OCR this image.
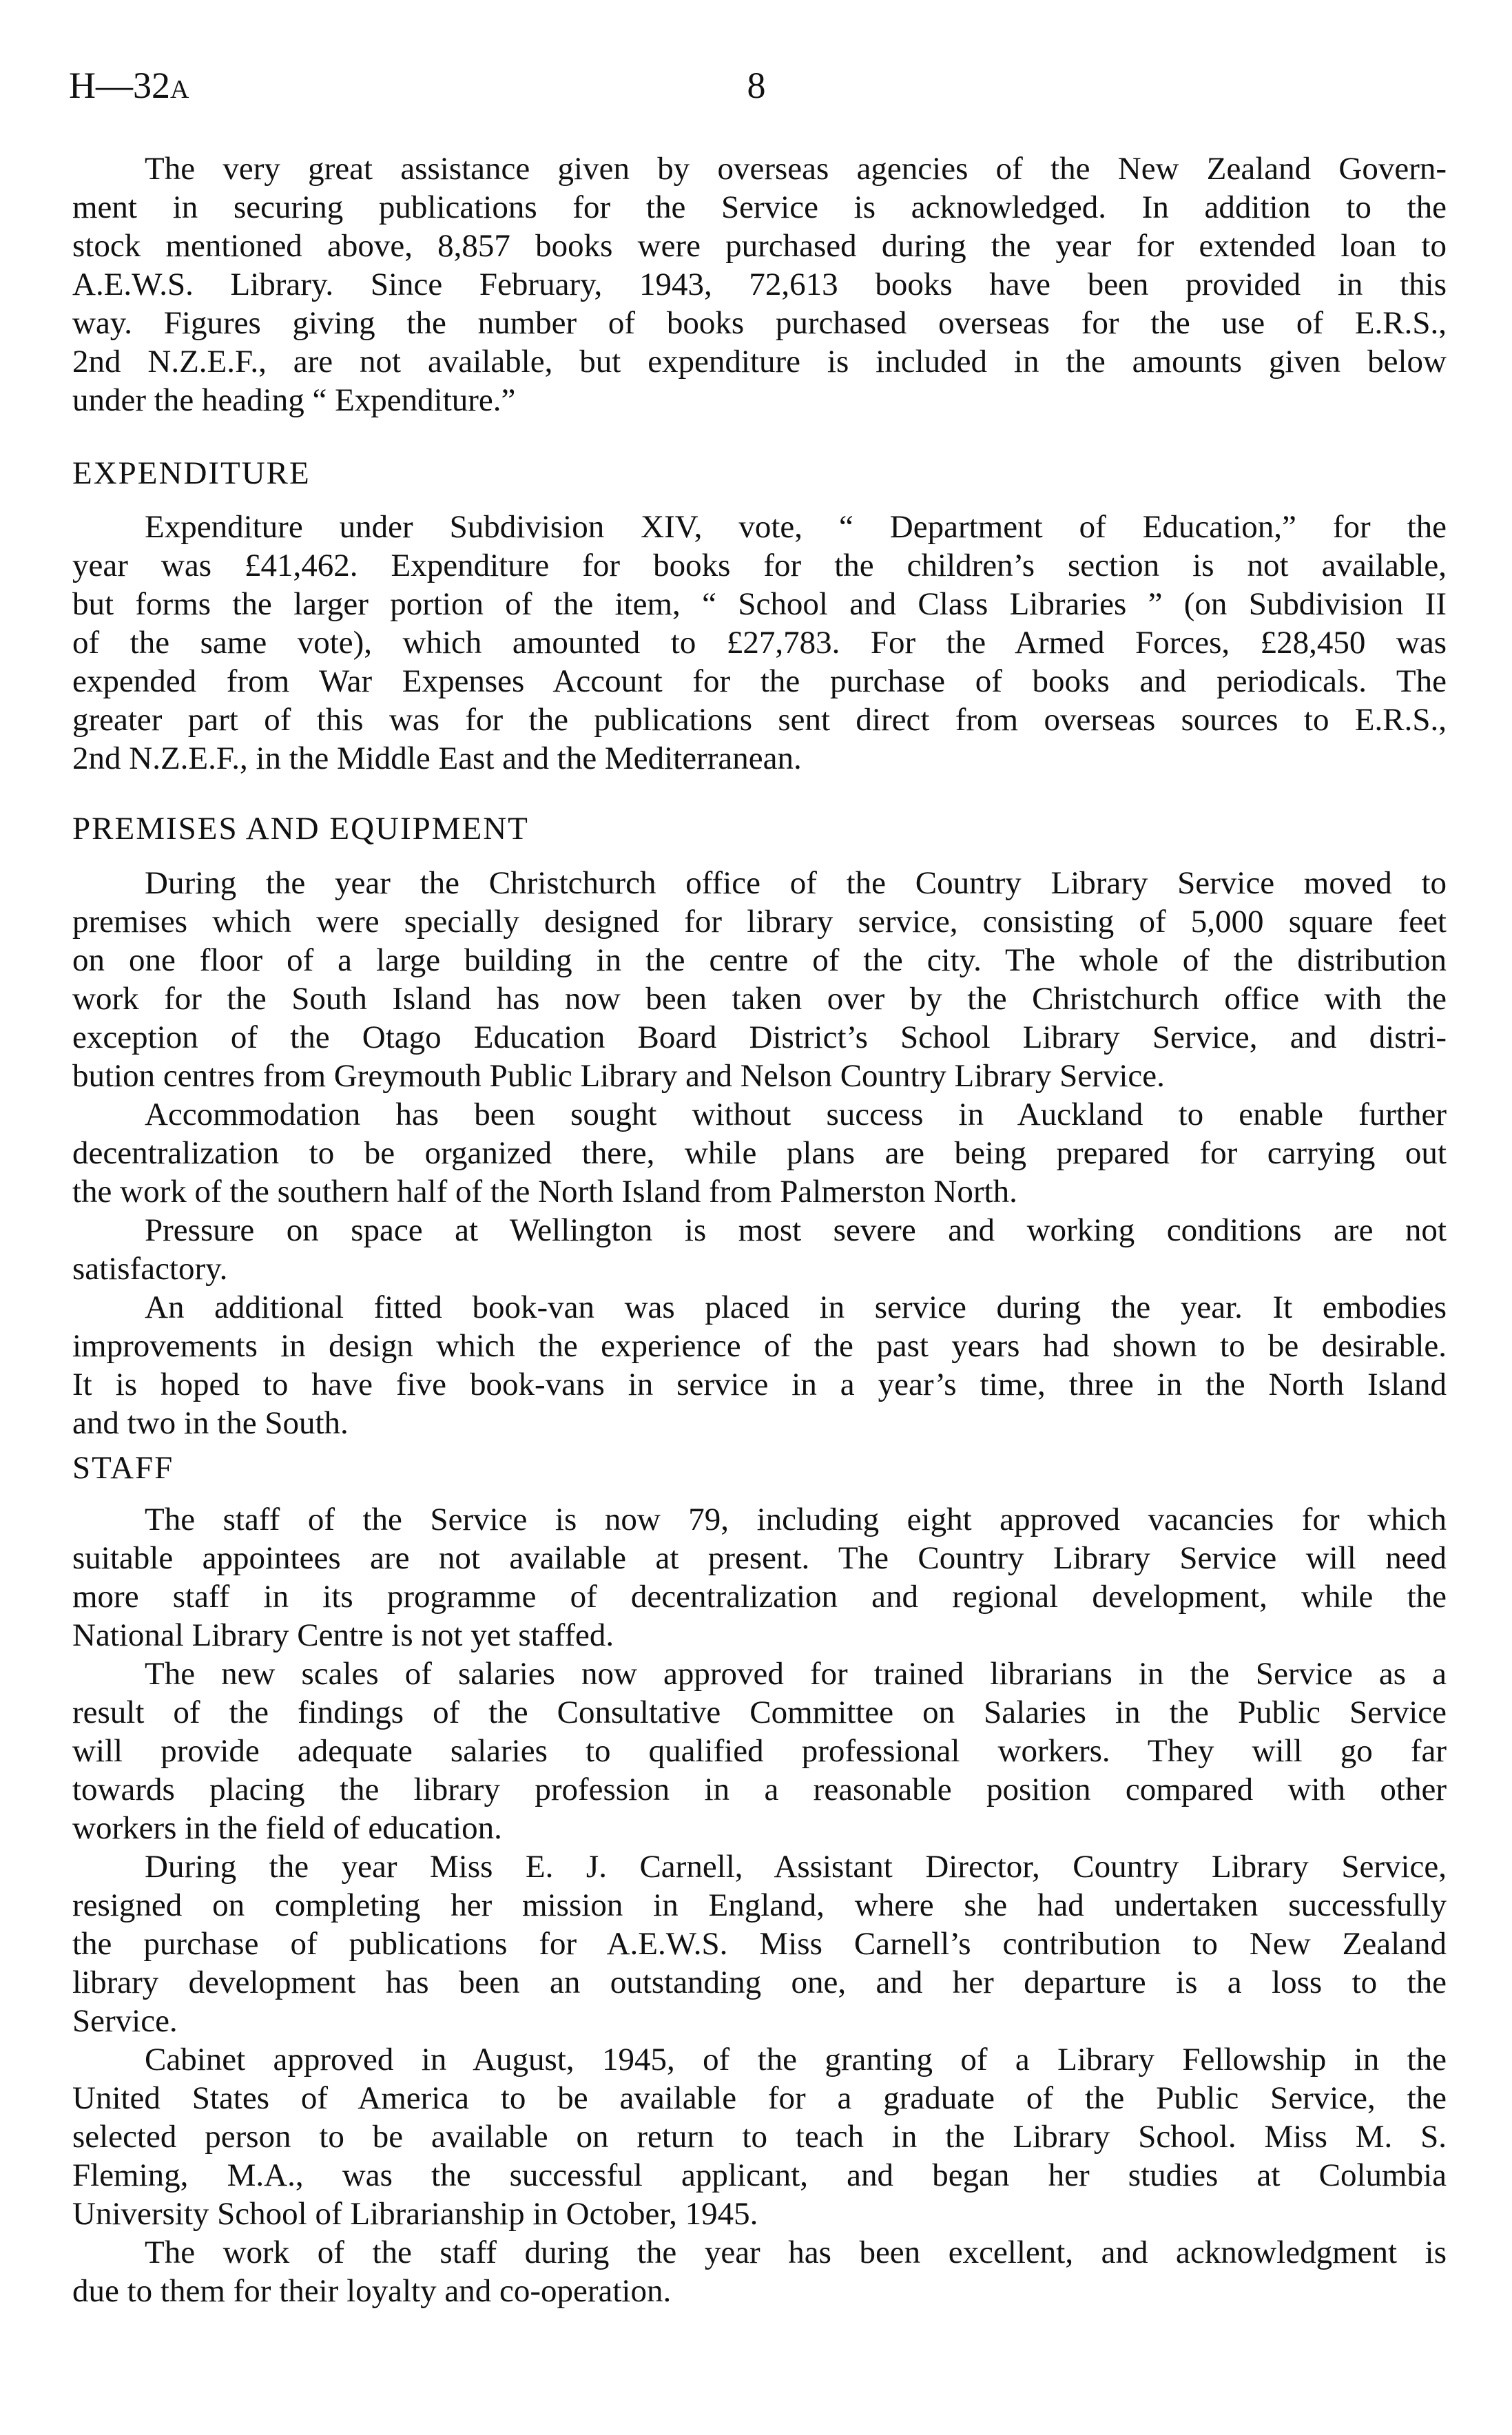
H—32A	8
The very great assistance given by overseas agencies of the New Zealand Govern-
ment in securing publications for the Service is acknowledged. In addition to the
stock mentioned above, 8,857 books were purchased during the year for extended loan to
A.E.W.S. Library. Since February, 1943, 72,613 books have been provided in this
way. Figures giving the number of books purchased overseas for the use of E.R.S.,
2nd N.Z.E.F., are not available, but expenditure is included in the amounts given below
under the heading “ Expenditure.”
EXPENDITURE
Expenditure under Subdivision XIV, vote, “ Department of Education,” for the
year was £41,462. Expenditure for books for the children’s section is not available,
but forms the larger portion of the item, “ School and Class Libraries ” (on Subdivision II
of the same vote), which amounted to £27,783. For the Armed Forces, £28,450 was
expended from War Expenses Account for the purchase of books and periodicals. The
greater part of this was for the publications sent direct from overseas sources to E.R.S.,
2nd N.Z.E.F., in the Middle East and the Mediterranean.
PREMISES AND EQUIPMENT
During the year the Christchurch office of the Country Library Service moved to
premises which were specially designed for library service, consisting of 5,000 square feet
on one floor of a large building in the centre of the city. The whole of the distribution
work for the South Island has now been taken over by the Christchurch office with the
exception of the Otago Education Board District’s School Library Service, and distri-
bution centres from Greymouth Public Library and Nelson Country Library Service.
Accommodation has been sought without success in Auckland to enable further
decentralization to be organized there, while plans are being prepared for carrying out
the work of the southern half of the North Island from Palmerston North.
Pressure on space at Wellington is most severe and working conditions are not
satisfactory.
An additional fitted book-van was placed in service during the year. It embodies
improvements in design which the experience of the past years had shown to be desirable.
It is hoped to have five book-vans in service in a year’s time, three in the North Island
and two in the South.
STAFF
The staff of the Service is now 79, including eight approved vacancies for which
suitable appointees are not available at present. The Country Library Service will need
more staff in its programme of decentralization and regional development, while the
National Library Centre is not yet staffed.
The new scales of salaries now approved for trained librarians in the Service as a
result of the findings of the Consultative Committee on Salaries in the Public Service
will provide adequate salaries to qualified professional workers. They will go far
towards placing the library profession in a reasonable position compared with other
workers in the field of education.
During the year Miss E. J. Carnell, Assistant Director, Country Library Service,
resigned on completing her mission in England, where she had undertaken successfully
the purchase of publications for A.E.W.S. Miss Carnell’s contribution to New Zealand
library development has been an outstanding one, and her departure is a loss to the
Service.
Cabinet approved in August, 1945, of the granting of a Library Fellowship in the
United States of America to be available for a graduate of the Public Service, the
selected person to be available on return to teach in the Library School. Miss M. S.
Fleming, M.A., was the successful applicant, and began her studies at Columbia
University School of Librarianship in October, 1945.
The work of the staff during the year has been excellent, and acknowledgment is
due to them for their loyalty and co-operation.
